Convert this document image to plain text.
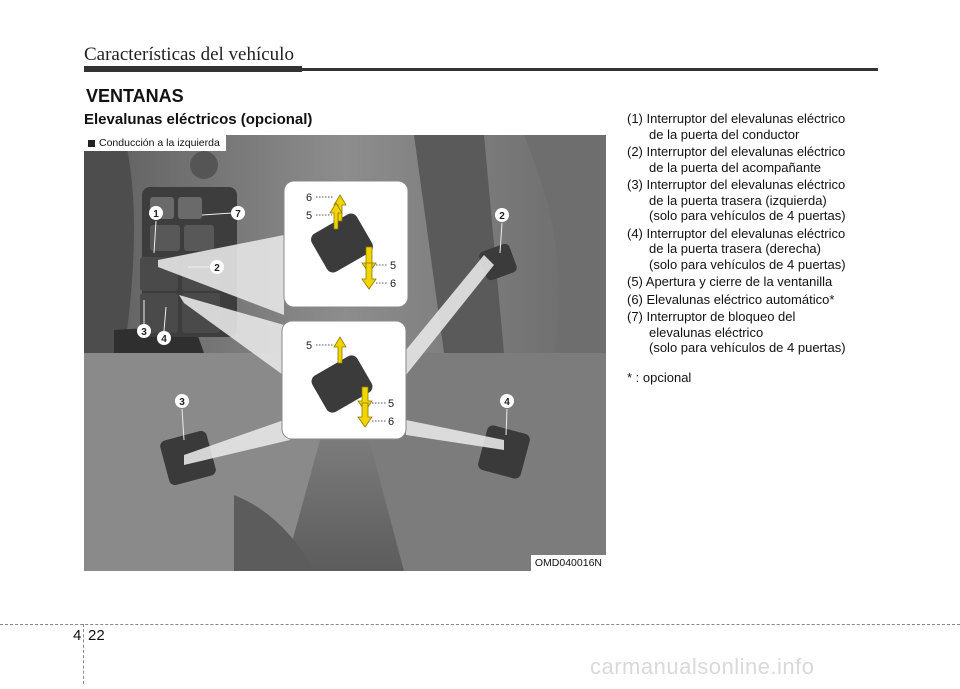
Características del vehículo
VENTANAS
Elevalunas eléctricos (opcional)
6
5
5
6
5
5
6
1	7
2
3
4
2
3	4
Conducción a la izquierda
OMD040016N
(1) Interruptor del elevalunas eléctrico
de la puerta del conductor
(2) Interruptor del elevalunas eléctrico
de la puerta del acompañante
(3) Interruptor del elevalunas eléctrico
de la puerta trasera (izquierda)
(solo para vehículos de 4 puertas)
(4) Interruptor del elevalunas eléctrico
de la puerta trasera (derecha)
(solo para vehículos de 4 puertas)
(5) Apertura y cierre de la ventanilla
(6) Elevalunas eléctrico automático*
(7) Interruptor de bloqueo del
elevalunas eléctrico
(solo para vehículos de 4 puertas)
* : opcional
4 22
carmanualsonline.info
